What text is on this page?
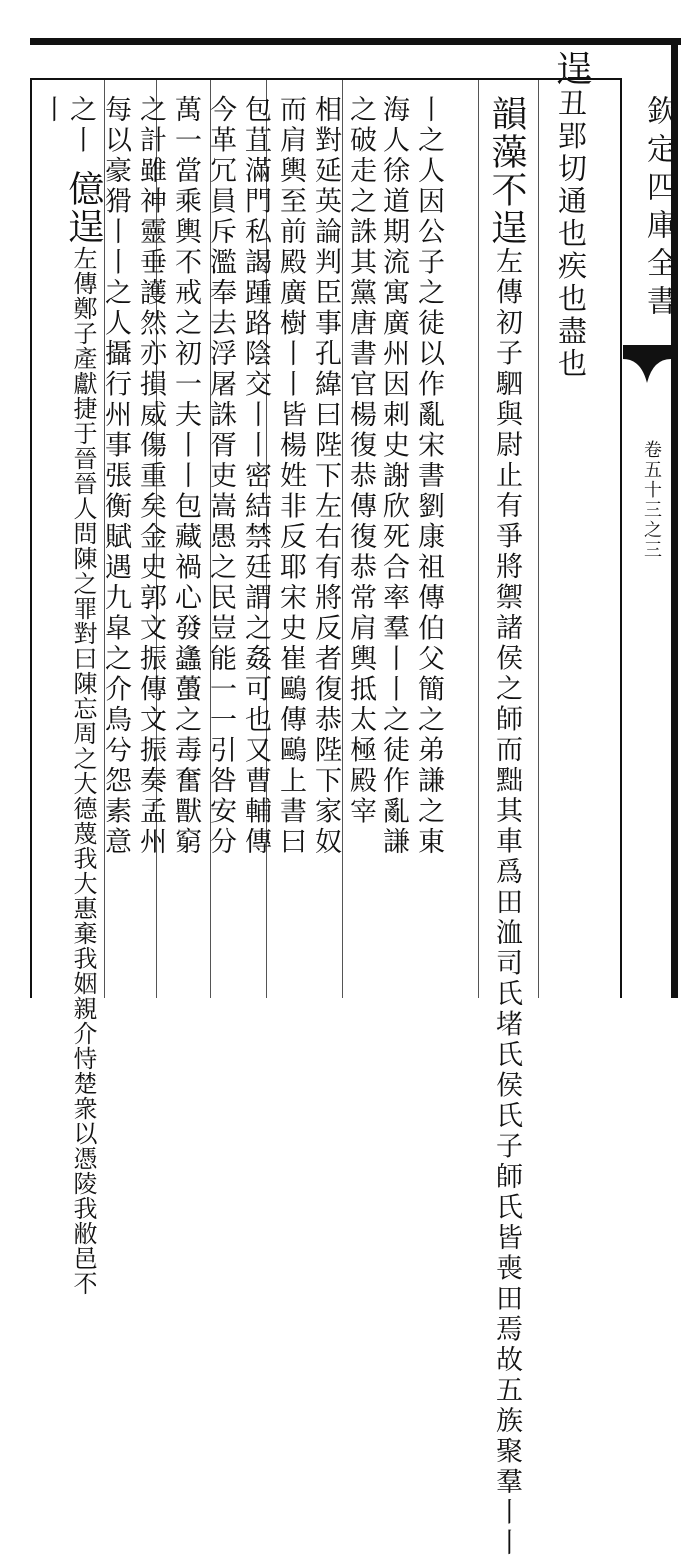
欽定四庫全書
卷五十三之三
逞丑郢切通也疾也盡也
韻藻不逞左傳初子駟與尉止有爭將禦諸侯之師而黜其車爲田洫司氏堵氏侯氏子師氏皆喪田焉故五族聚羣丨丨
丨之人因公子之徒以作亂宋書劉康祖傳伯父簡之弟謙之東
海人徐道期流寓廣州因刺史謝欣死合率羣丨丨之徒作亂謙
之破走之誅其黨唐書官楊復恭傳復恭常肩輿抵太極殿宰
相對延英論判臣事孔緯曰陛下左右有將反者復恭陛下家奴
而肩輿至前殿廣樹丨丨皆楊姓非反耶宋史崔鷗傳鷗上書曰
包苴滿門私謁踵路陰交丨丨密結禁廷謂之姦可也又曹輔傳
今革冗員斥濫奉去浮屠誅胥吏嵩愚之民豈能一一引咎安分
萬一當乘輿不戒之初一夫丨丨包藏禍心發蠭蠆之毒奮獸窮
之計雖神靈垂護然亦損威傷重矣金史郭文振傳文振奏孟州
每以豪猾丨丨之人攝行州事張衡賦遇九皐之介鳥兮怨素意
之丨
億逞左傳鄭子產獻捷于晉晉人問陳之罪對曰陳忘周之大德蔑我大惠棄我姻親介恃楚衆以憑陵我敝邑不
丨
